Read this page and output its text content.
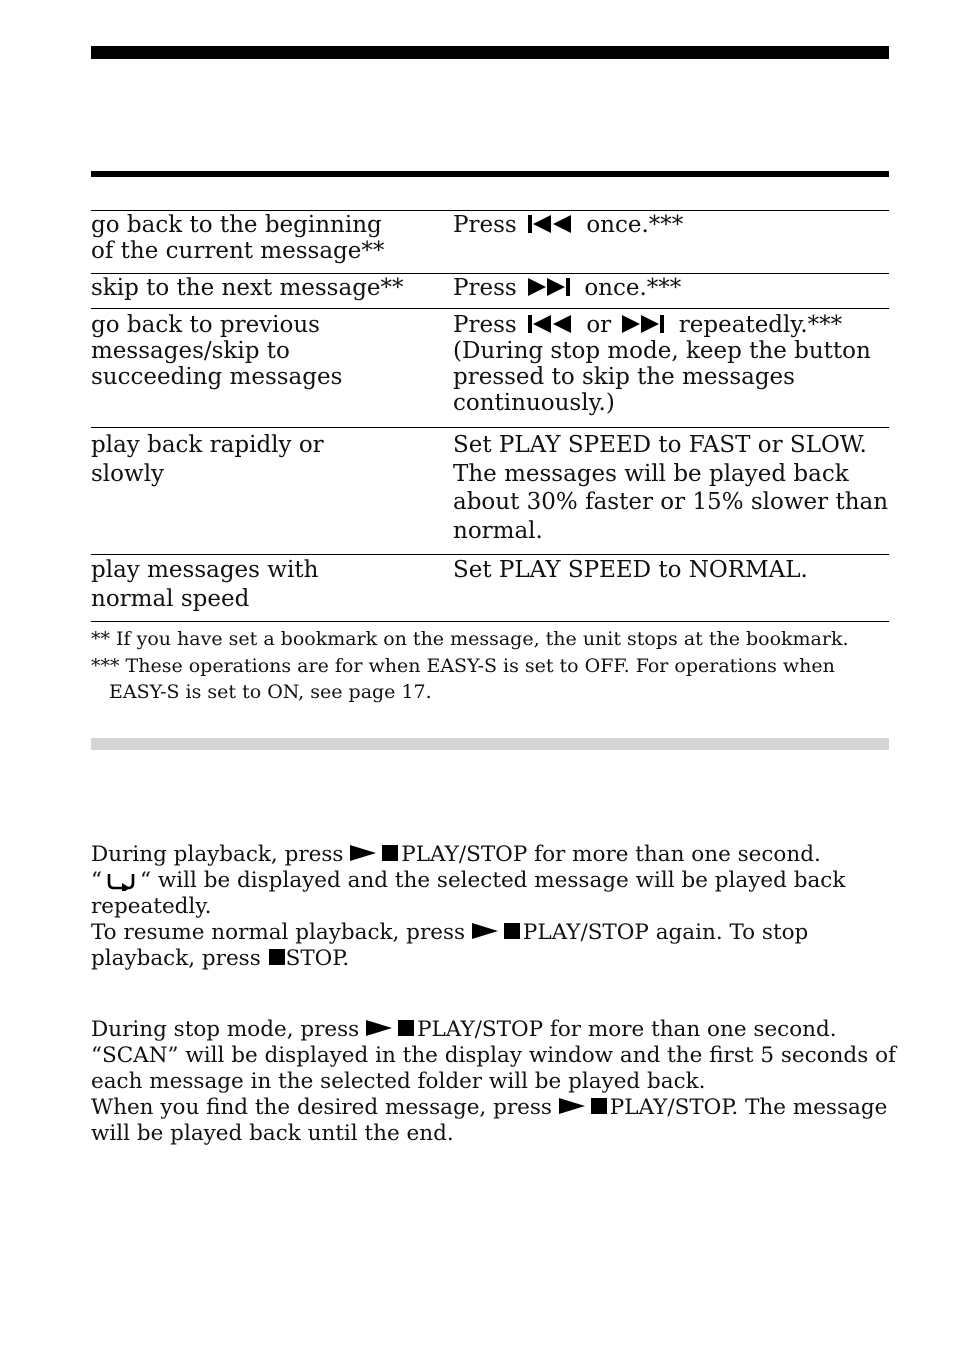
go back to the beginning
of the current message**	Press once.***

skip to the next message**	Press once.***

go back to previous
messages/skip to
succeeding messages	Press or repeatedly.***
(During stop mode, keep the button
pressed to skip the messages
continuously.)

play back rapidly or
slowly	Set PLAY SPEED to FAST or SLOW.
The messages will be played back
about 30% faster or 15% slower than
normal.

play messages with
normal speed	Set PLAY SPEED to NORMAL.
** If you have set a bookmark on the message, the unit stops at the bookmark.
*** These operations are for when EASY-S is set to OFF. For operations when
EASY-S is set to ON, see page 17.
During playback, press PLAY/STOP for more than one second.
“ “ will be displayed and the selected message will be played back
repeatedly.
To resume normal playback, press PLAY/STOP again. To stop
playback, press STOP.
During stop mode, press PLAY/STOP for more than one second.
“SCAN” will be displayed in the display window and the first 5 seconds of
each message in the selected folder will be played back.
When you find the desired message, press PLAY/STOP. The message
will be played back until the end.
